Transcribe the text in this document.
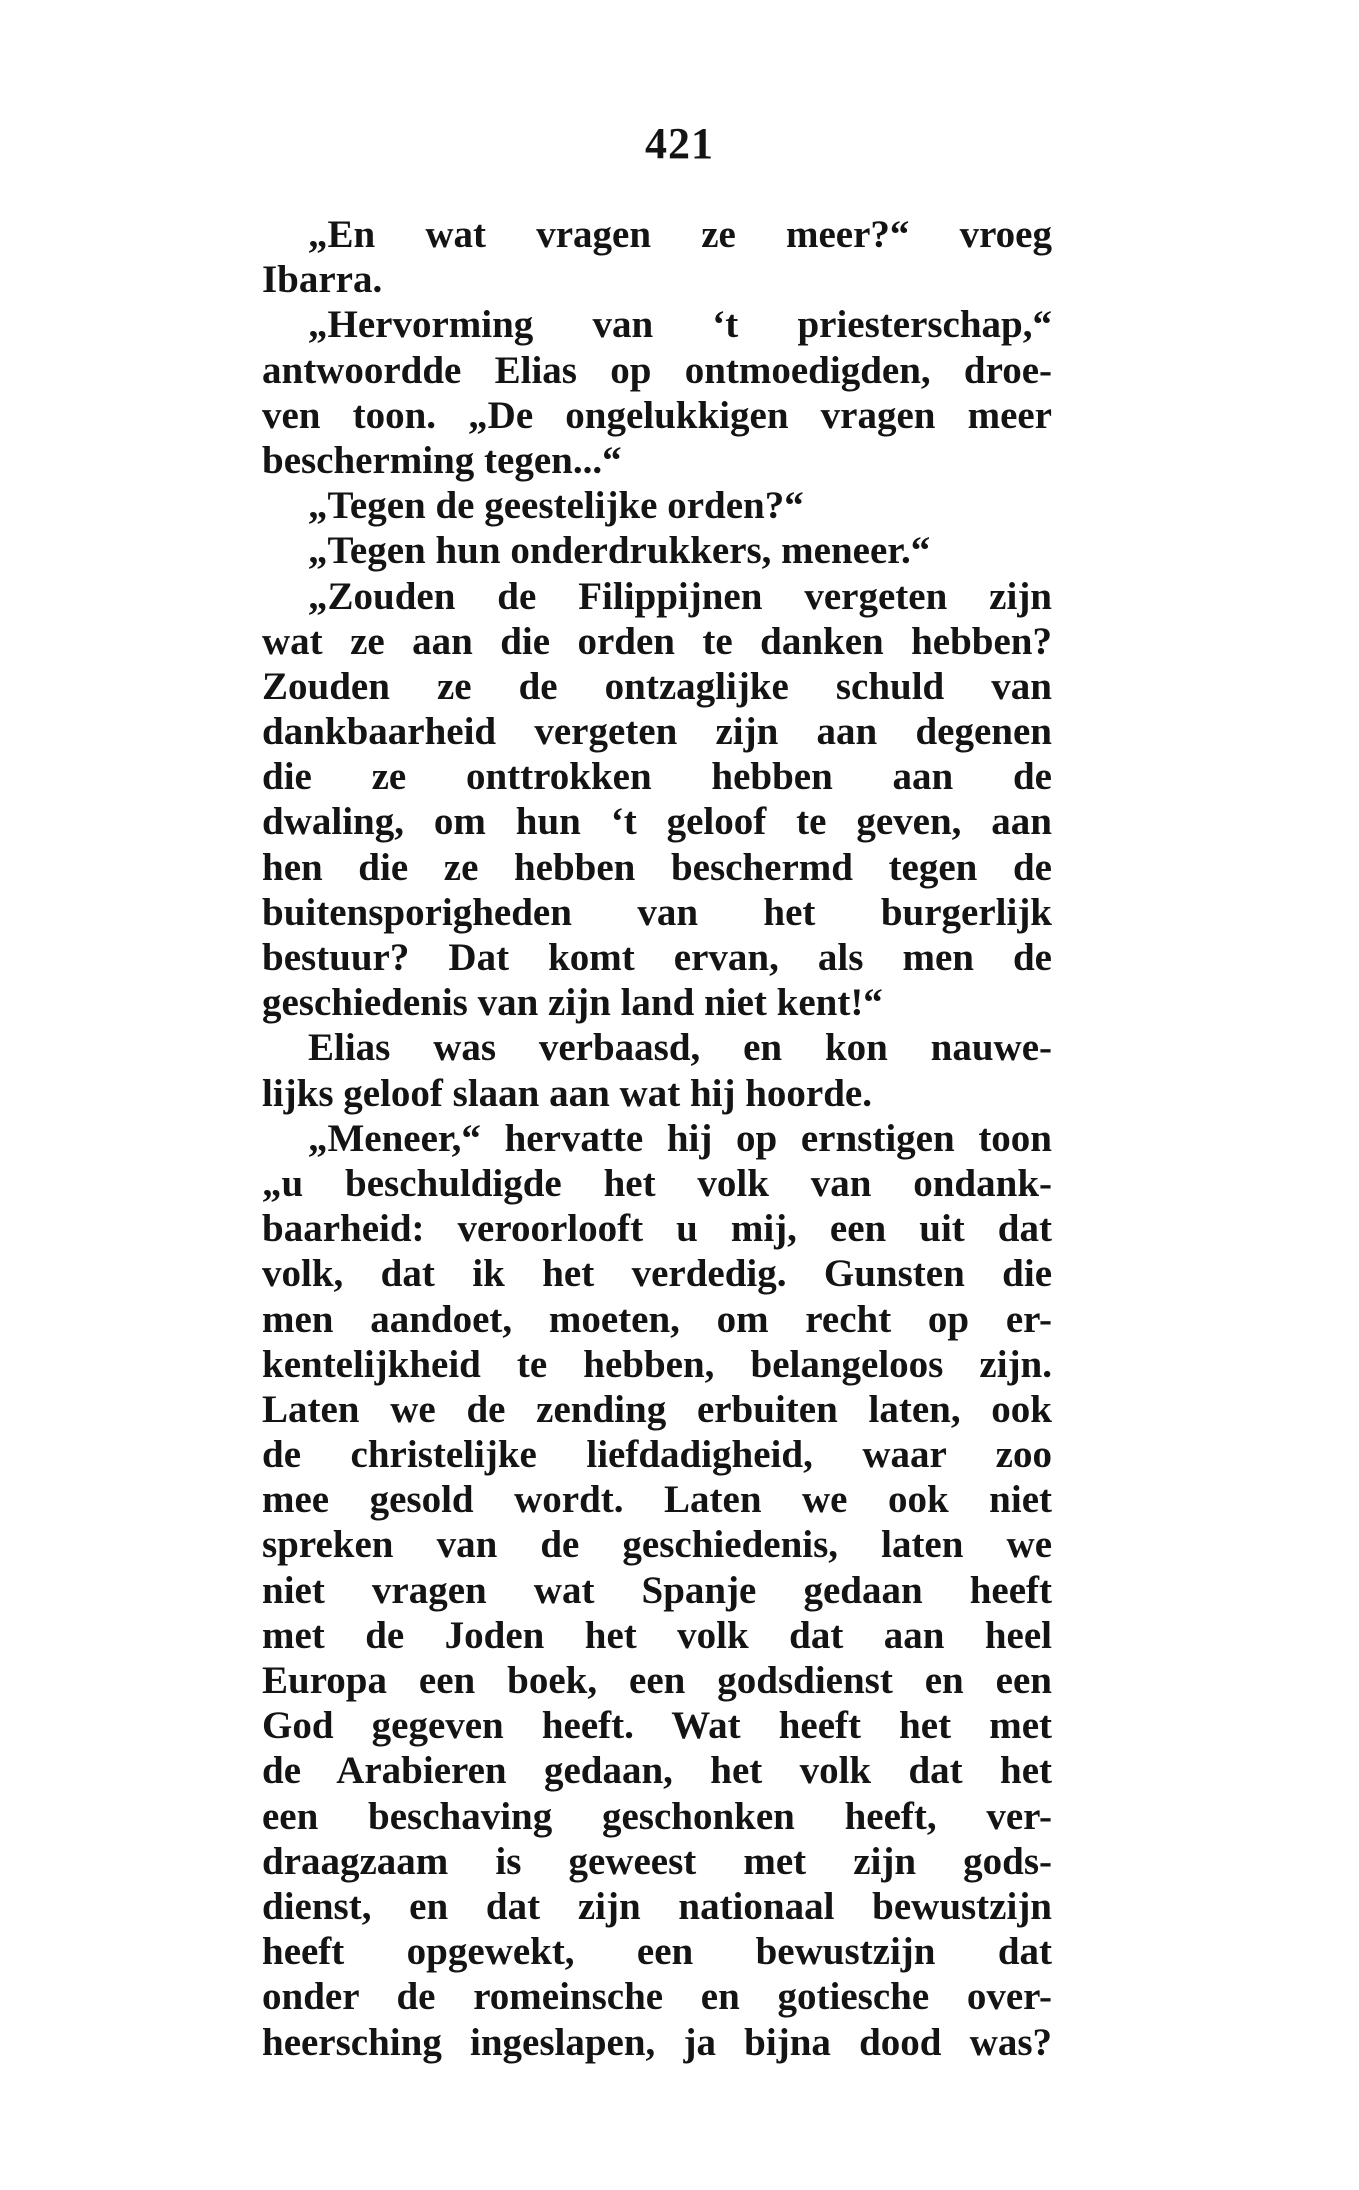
421
„En wat vragen ze meer?“ vroeg
Ibarra.
„Hervorming van ‘t priesterschap,“
antwoordde Elias op ontmoedigden, droe-
ven toon. „De ongelukkigen vragen meer
bescherming tegen...“
„Tegen de geestelijke orden?“
„Tegen hun onderdrukkers, meneer.“
„Zouden de Filippijnen vergeten zijn
wat ze aan die orden te danken hebben?
Zouden ze de ontzaglijke schuld van
dankbaarheid vergeten zijn aan degenen
die ze onttrokken hebben aan de
dwaling, om hun ‘t geloof te geven, aan
hen die ze hebben beschermd tegen de
buitensporigheden van het burgerlijk
bestuur? Dat komt ervan, als men de
geschiedenis van zijn land niet kent!“
Elias was verbaasd, en kon nauwe-
lijks geloof slaan aan wat hij hoorde.
„Meneer,“ hervatte hij op ernstigen toon
„u beschuldigde het volk van ondank-
baarheid: veroorlooft u mij, een uit dat
volk, dat ik het verdedig. Gunsten die
men aandoet, moeten, om recht op er-
kentelijkheid te hebben, belangeloos zijn.
Laten we de zending erbuiten laten, ook
de christelijke liefdadigheid, waar zoo
mee gesold wordt. Laten we ook niet
spreken van de geschiedenis, laten we
niet vragen wat Spanje gedaan heeft
met de Joden het volk dat aan heel
Europa een boek, een godsdienst en een
God gegeven heeft. Wat heeft het met
de Arabieren gedaan, het volk dat het
een beschaving geschonken heeft, ver-
draagzaam is geweest met zijn gods-
dienst, en dat zijn nationaal bewustzijn
heeft opgewekt, een bewustzijn dat
onder de romeinsche en gotiesche over-
heersching ingeslapen, ja bijna dood was?
